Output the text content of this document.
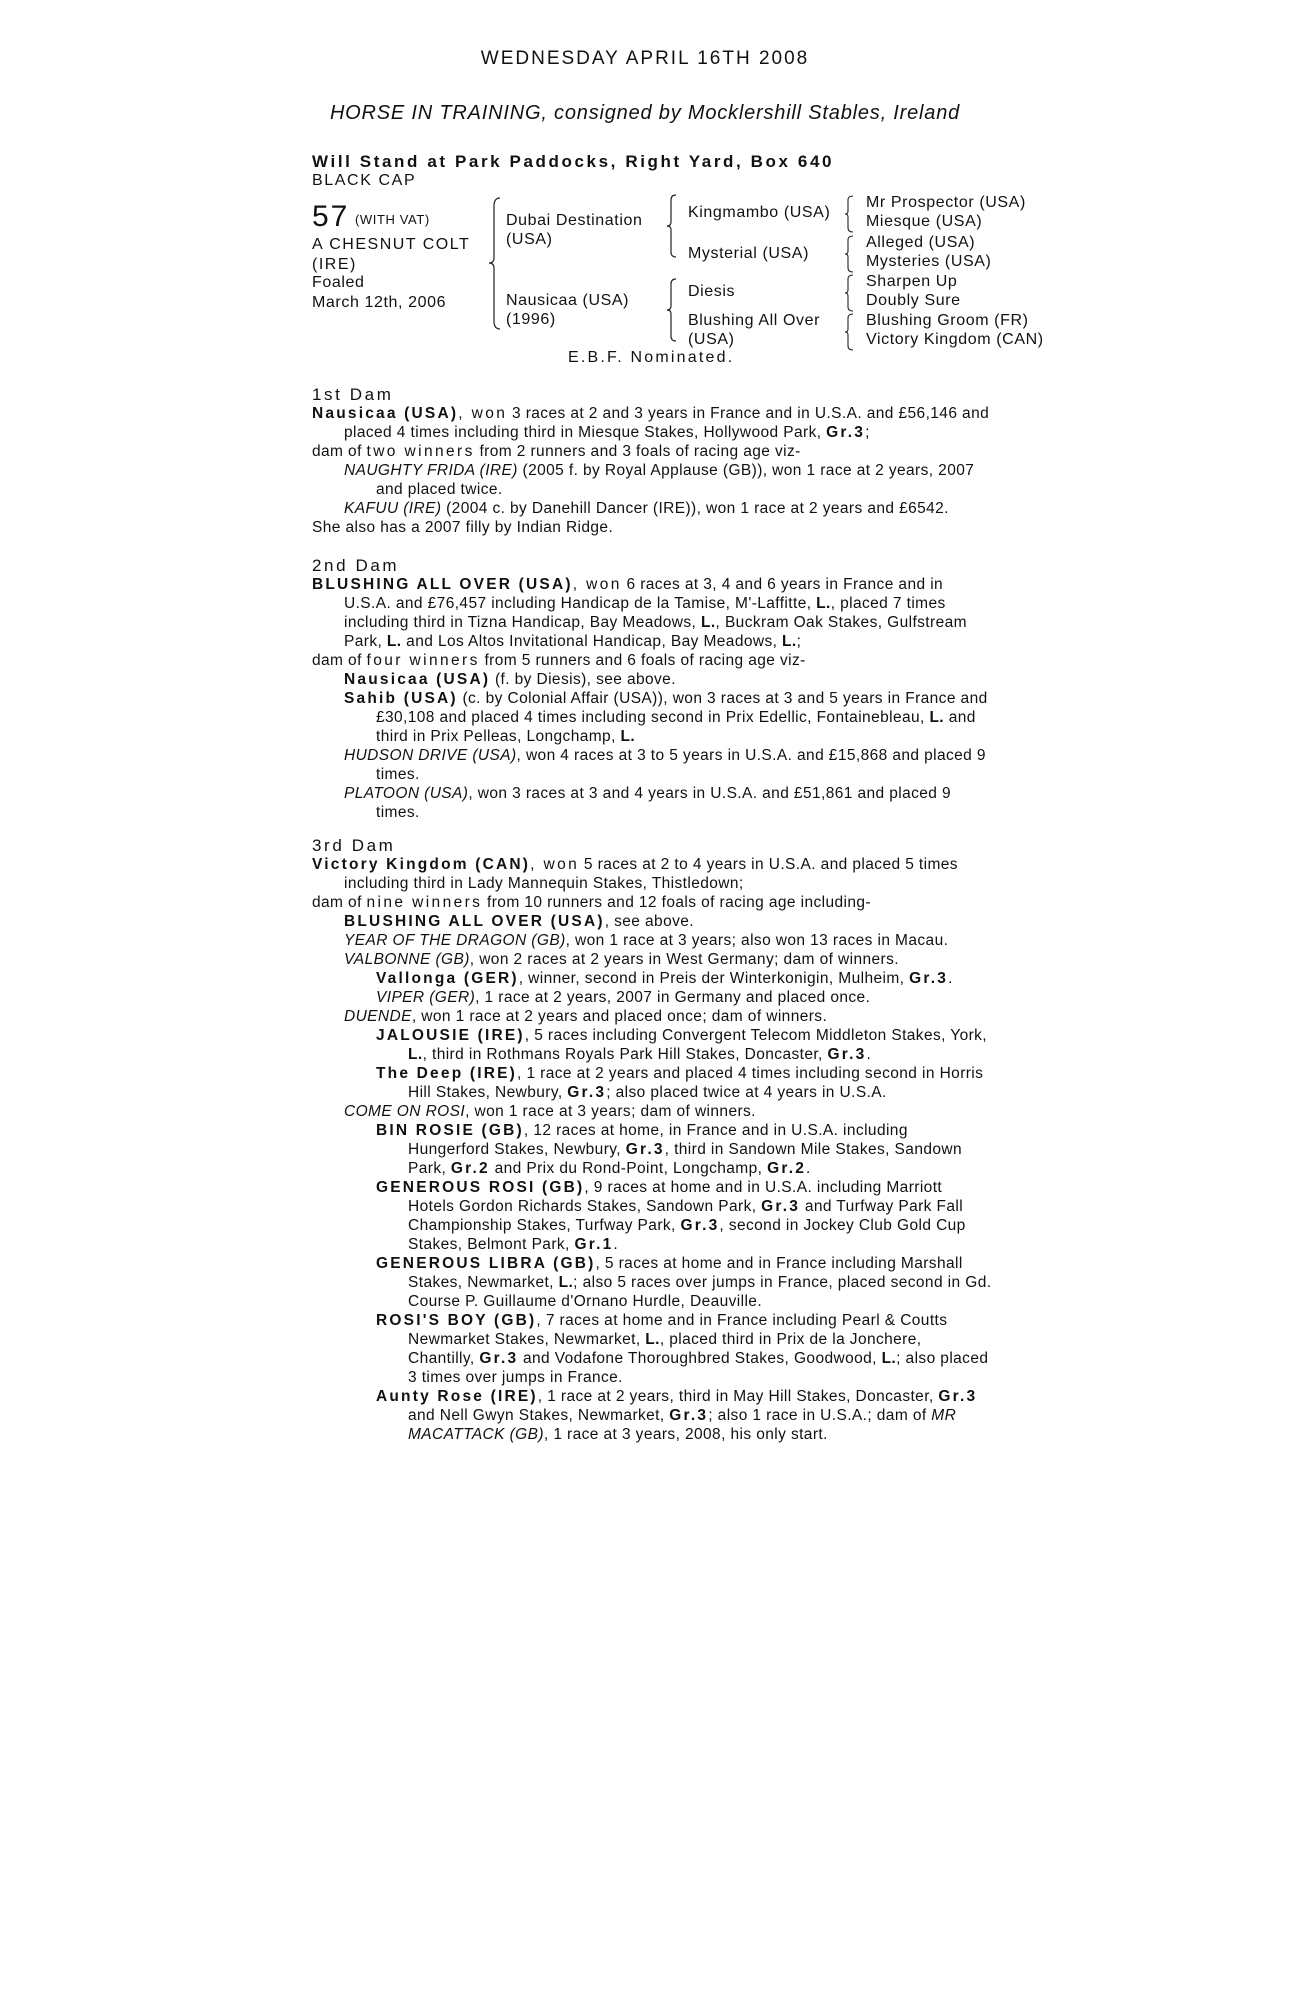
WEDNESDAY APRIL 16TH 2008
HORSE IN TRAINING, consigned by Mocklershill Stables, Ireland
Will Stand at Park Paddocks, Right Yard, Box 640
BLACK CAP
57 (WITH VAT)
A CHESNUT COLT
(IRE)
Foaled
March 12th, 2006
Dubai Destination
(USA)
Nausicaa (USA)
(1996)
Kingmambo (USA)
Mysterial (USA)
Diesis
Blushing All Over
(USA)
Mr Prospector (USA)
Miesque (USA)
Alleged (USA)
Mysteries (USA)
Sharpen Up
Doubly Sure
Blushing Groom (FR)
Victory Kingdom (CAN)
E.B.F. Nominated.
1st Dam
Nausicaa (USA), won 3 races at 2 and 3 years in France and in U.S.A. and £56,146 and placed 4 times including third in Miesque Stakes, Hollywood Park, Gr.3;
dam of two winners from 2 runners and 3 foals of racing age viz-
NAUGHTY FRIDA (IRE) (2005 f. by Royal Applause (GB)), won 1 race at 2 years, 2007 and placed twice.
KAFUU (IRE) (2004 c. by Danehill Dancer (IRE)), won 1 race at 2 years and £6542.
She also has a 2007 filly by Indian Ridge.
2nd Dam
BLUSHING ALL OVER (USA), won 6 races at 3, 4 and 6 years in France and in U.S.A. and £76,457 including Handicap de la Tamise, M'-Laffitte, L., placed 7 times including third in Tizna Handicap, Bay Meadows, L., Buckram Oak Stakes, Gulfstream Park, L. and Los Altos Invitational Handicap, Bay Meadows, L.;
dam of four winners from 5 runners and 6 foals of racing age viz-
Nausicaa (USA) (f. by Diesis), see above.
Sahib (USA) (c. by Colonial Affair (USA)), won 3 races at 3 and 5 years in France and £30,108 and placed 4 times including second in Prix Edellic, Fontainebleau, L. and third in Prix Pelleas, Longchamp, L.
HUDSON DRIVE (USA), won 4 races at 3 to 5 years in U.S.A. and £15,868 and placed 9 times.
PLATOON (USA), won 3 races at 3 and 4 years in U.S.A. and £51,861 and placed 9 times.
3rd Dam
Victory Kingdom (CAN), won 5 races at 2 to 4 years in U.S.A. and placed 5 times including third in Lady Mannequin Stakes, Thistledown;
dam of nine winners from 10 runners and 12 foals of racing age including-
BLUSHING ALL OVER (USA), see above.
YEAR OF THE DRAGON (GB), won 1 race at 3 years; also won 13 races in Macau.
VALBONNE (GB), won 2 races at 2 years in West Germany; dam of winners.
Vallonga (GER), winner, second in Preis der Winterkonigin, Mulheim, Gr.3.
VIPER (GER), 1 race at 2 years, 2007 in Germany and placed once.
DUENDE, won 1 race at 2 years and placed once; dam of winners.
JALOUSIE (IRE), 5 races including Convergent Telecom Middleton Stakes, York, L., third in Rothmans Royals Park Hill Stakes, Doncaster, Gr.3.
The Deep (IRE), 1 race at 2 years and placed 4 times including second in Horris Hill Stakes, Newbury, Gr.3; also placed twice at 4 years in U.S.A.
COME ON ROSI, won 1 race at 3 years; dam of winners.
BIN ROSIE (GB), 12 races at home, in France and in U.S.A. including Hungerford Stakes, Newbury, Gr.3, third in Sandown Mile Stakes, Sandown Park, Gr.2 and Prix du Rond-Point, Longchamp, Gr.2.
GENEROUS ROSI (GB), 9 races at home and in U.S.A. including Marriott Hotels Gordon Richards Stakes, Sandown Park, Gr.3 and Turfway Park Fall Championship Stakes, Turfway Park, Gr.3, second in Jockey Club Gold Cup Stakes, Belmont Park, Gr.1.
GENEROUS LIBRA (GB), 5 races at home and in France including Marshall Stakes, Newmarket, L.; also 5 races over jumps in France, placed second in Gd. Course P. Guillaume d'Ornano Hurdle, Deauville.
ROSI'S BOY (GB), 7 races at home and in France including Pearl & Coutts Newmarket Stakes, Newmarket, L., placed third in Prix de la Jonchere, Chantilly, Gr.3 and Vodafone Thoroughbred Stakes, Goodwood, L.; also placed 3 times over jumps in France.
Aunty Rose (IRE), 1 race at 2 years, third in May Hill Stakes, Doncaster, Gr.3 and Nell Gwyn Stakes, Newmarket, Gr.3; also 1 race in U.S.A.; dam of MR MACATTACK (GB), 1 race at 3 years, 2008, his only start.
